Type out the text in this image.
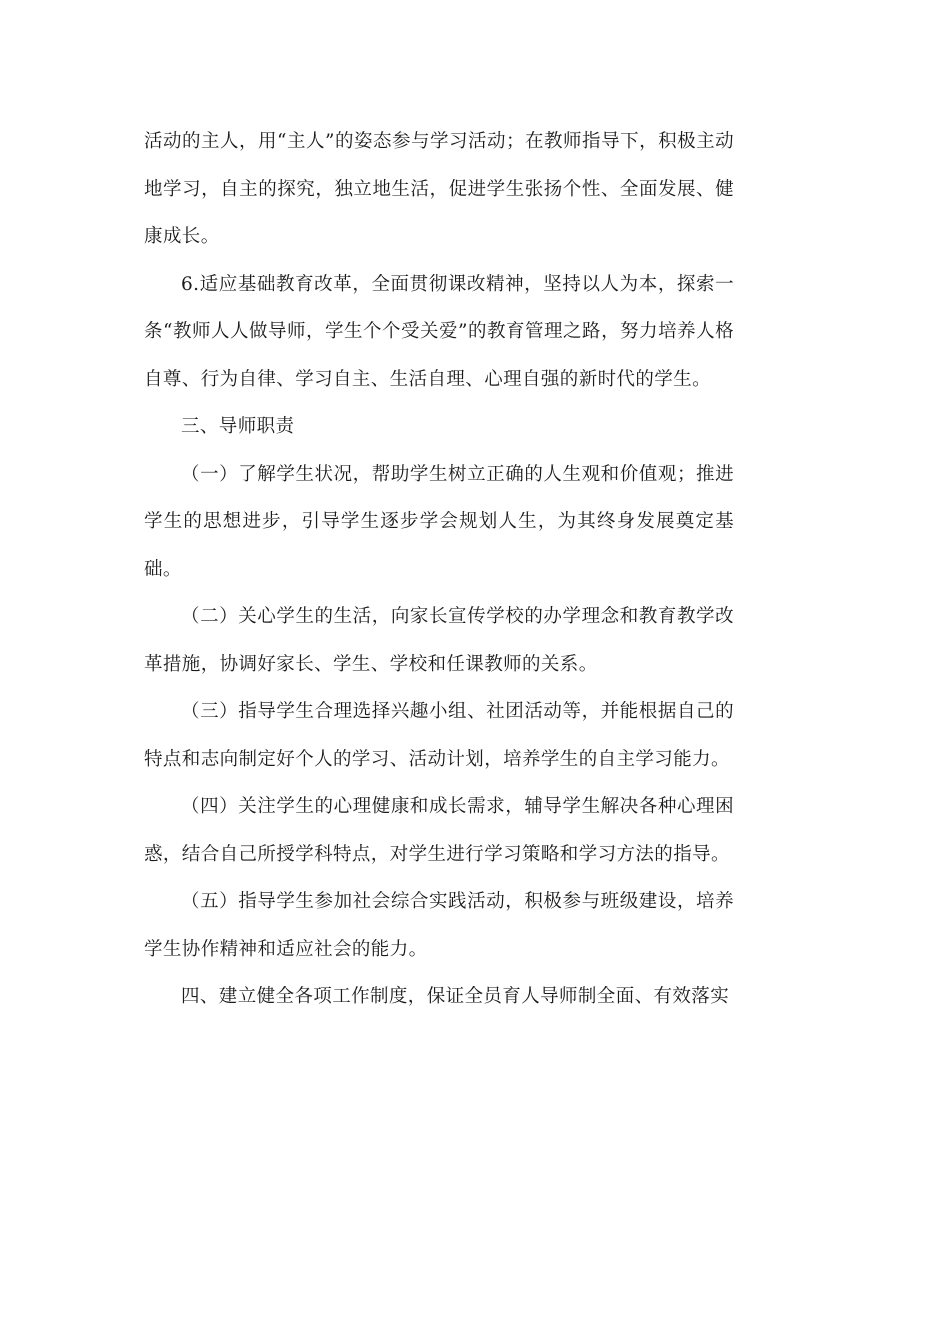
活动的主人，用“主人”的姿态参与学习活动；在教师指导下，积极主动地学习，自主的探究，独立地生活，促进学生张扬个性、全面发展、健康成长。

6.适应基础教育改革，全面贯彻课改精神，坚持以人为本，探索一条“教师人人做导师，学生个个受关爱”的教育管理之路，努力培养人格自尊、行为自律、学习自主、生活自理、心理自强的新时代的学生。

三、导师职责

（一）了解学生状况，帮助学生树立正确的人生观和价值观；推进学生的思想进步，引导学生逐步学会规划人生，为其终身发展奠定基础。

（二）关心学生的生活，向家长宣传学校的办学理念和教育教学改革措施，协调好家长、学生、学校和任课教师的关系。

（三）指导学生合理选择兴趣小组、社团活动等，并能根据自己的特点和志向制定好个人的学习、活动计划，培养学生的自主学习能力。

（四）关注学生的心理健康和成长需求，辅导学生解决各种心理困惑，结合自己所授学科特点，对学生进行学习策略和学习方法的指导。

（五）指导学生参加社会综合实践活动，积极参与班级建设，培养学生协作精神和适应社会的能力。

四、建立健全各项工作制度，保证全员育人导师制全面、有效落实
